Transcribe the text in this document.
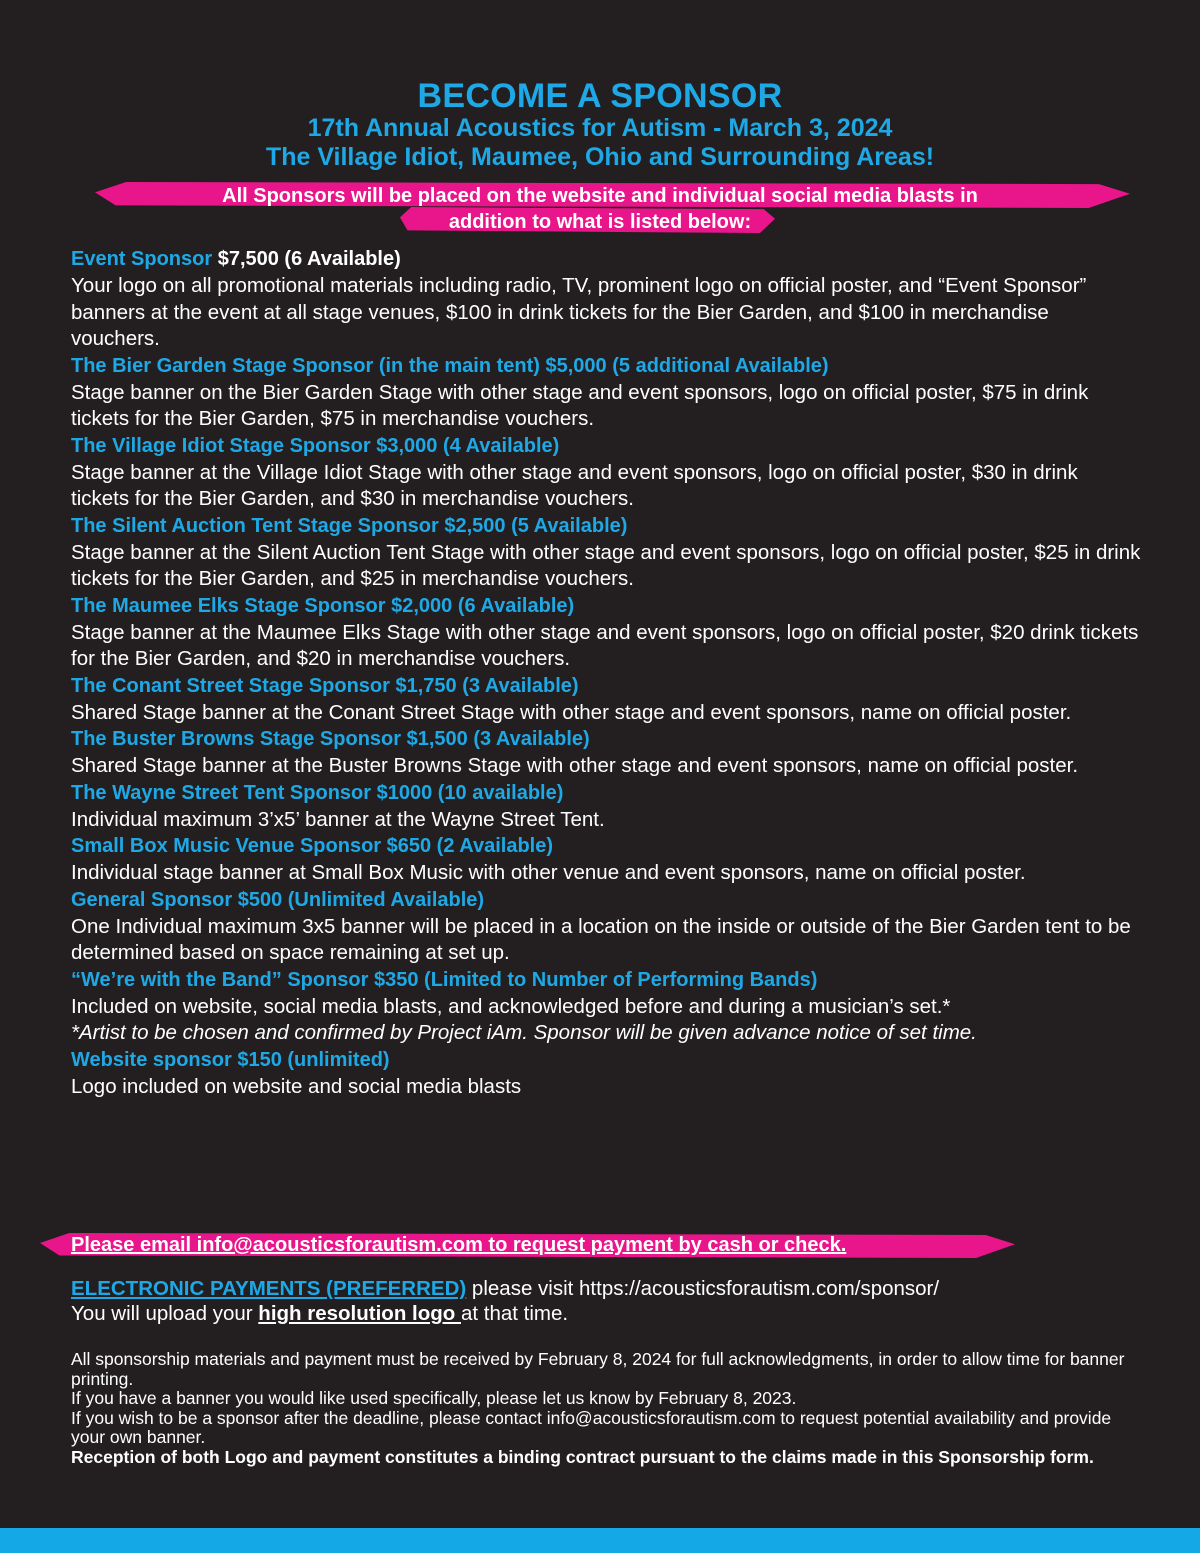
BECOME A SPONSOR
17th Annual Acoustics for Autism - March 3, 2024
The Village Idiot, Maumee, Ohio and Surrounding Areas!
All Sponsors will be placed on the website and individual social media blasts in
addition to what is listed below:
Event Sponsor $7,500 (6 Available)
Your logo on all promotional materials including radio, TV, prominent logo on official poster, and “Event Sponsor” banners at the event at all stage venues, $100 in drink tickets for the Bier Garden, and $100 in merchandise vouchers.
The Bier Garden Stage Sponsor (in the main tent) $5,000 (5 additional Available)
Stage banner on the Bier Garden Stage with other stage and event sponsors, logo on official poster, $75 in drink tickets for the Bier Garden, $75 in merchandise vouchers.
The Village Idiot Stage Sponsor $3,000 (4 Available)
Stage banner at the Village Idiot Stage with other stage and event sponsors, logo on official poster, $30 in drink tickets for the Bier Garden, and $30 in merchandise vouchers.
The Silent Auction Tent Stage Sponsor $2,500 (5 Available)
Stage banner at the Silent Auction Tent Stage with other stage and event sponsors, logo on official poster, $25 in drink tickets for the Bier Garden, and $25 in merchandise vouchers.
The Maumee Elks Stage Sponsor $2,000 (6 Available)
Stage banner at the Maumee Elks Stage with other stage and event sponsors, logo on official poster, $20 drink tickets for the Bier Garden, and $20 in merchandise vouchers.
The Conant Street Stage Sponsor $1,750 (3 Available)
Shared Stage banner at the Conant Street Stage with other stage and event sponsors, name on official poster.
The Buster Browns Stage Sponsor $1,500 (3 Available)
Shared Stage banner at the Buster Browns Stage with other stage and event sponsors, name on official poster.
The Wayne Street Tent Sponsor $1000 (10 available)
Individual maximum 3’x5’ banner at the Wayne Street Tent.
Small Box Music Venue Sponsor $650 (2 Available)
Individual stage banner at Small Box Music with other venue and event sponsors, name on official poster.
General Sponsor $500 (Unlimited Available)
One Individual maximum 3x5 banner will be placed in a location on the inside or outside of the Bier Garden tent to be determined based on space remaining at set up.
“We’re with the Band” Sponsor $350 (Limited to Number of Performing Bands)
Included on website, social media blasts, and acknowledged before and during a musician’s set.*
*Artist to be chosen and confirmed by Project iAm. Sponsor will be given advance notice of set time.
Website sponsor $150 (unlimited)
Logo included on website and social media blasts
Please email info@acousticsforautism.com to request payment by cash or check.
ELECTRONIC PAYMENTS (PREFERRED) please visit https://acousticsforautism.com/sponsor/
You will upload your high resolution logo at that time.

All sponsorship materials and payment must be received by February 8, 2024 for full acknowledgments, in order to allow time for banner printing.

If you have a banner you would like used specifically, please let us know by February 8, 2023.

If you wish to be a sponsor after the deadline, please contact info@acousticsforautism.com to request potential availability and provide your own banner.

Reception of both Logo and payment constitutes a binding contract pursuant to the claims made in this Sponsorship form.
